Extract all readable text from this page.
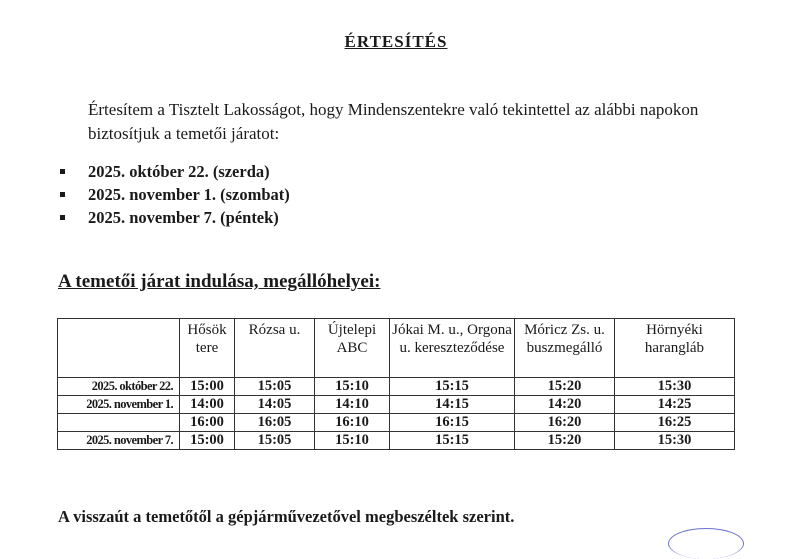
ÉRTESÍTÉS
Értesítem a Tisztelt Lakosságot, hogy Mindenszentekre való tekintettel az alábbi napokon biztosítjuk a temetői járatot:
2025. október 22. (szerda)
2025. november 1. (szombat)
2025. november 7. (péntek)
A temetői járat indulása, megállóhelyei:
	Hősök tere	Rózsa u.	Újtelepi ABC	Jókai M. u., Orgona u. kereszteződése	Móricz Zs. u. buszmegálló	Hörnyéki harangláb
2025. október 22.	15:00	15:05	15:10	15:15	15:20	15:30
2025. november 1.	14:00	14:05	14:10	14:15	14:20	14:25
	16:00	16:05	16:10	16:15	16:20	16:25
2025. november 7.	15:00	15:05	15:10	15:15	15:20	15:30
A visszaút a temetőtől a gépjárművezetővel megbeszéltek szerint.
